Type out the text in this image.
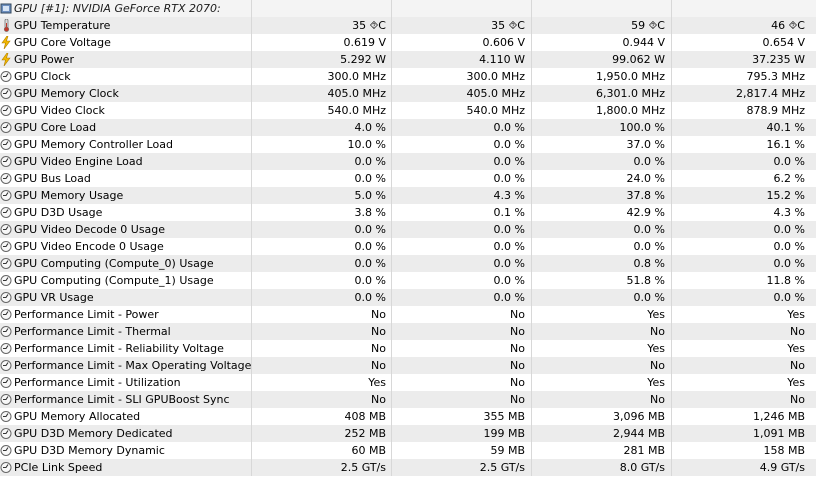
GPU [#1]: NVIDIA GeForce RTX 2070:
GPU Temperature	35 ⯑C	35 ⯑C	59 ⯑C	46 ⯑C
GPU Core Voltage	0.619 V	0.606 V	0.944 V	0.654 V
GPU Power	5.292 W	4.110 W	99.062 W	37.235 W
GPU Clock	300.0 MHz	300.0 MHz	1,950.0 MHz	795.3 MHz
GPU Memory Clock	405.0 MHz	405.0 MHz	6,301.0 MHz	2,817.4 MHz
GPU Video Clock	540.0 MHz	540.0 MHz	1,800.0 MHz	878.9 MHz
GPU Core Load	4.0 %	0.0 %	100.0 %	40.1 %
GPU Memory Controller Load	10.0 %	0.0 %	37.0 %	16.1 %
GPU Video Engine Load	0.0 %	0.0 %	0.0 %	0.0 %
GPU Bus Load	0.0 %	0.0 %	24.0 %	6.2 %
GPU Memory Usage	5.0 %	4.3 %	37.8 %	15.2 %
GPU D3D Usage	3.8 %	0.1 %	42.9 %	4.3 %
GPU Video Decode 0 Usage	0.0 %	0.0 %	0.0 %	0.0 %
GPU Video Encode 0 Usage	0.0 %	0.0 %	0.0 %	0.0 %
GPU Computing (Compute_0) Usage	0.0 %	0.0 %	0.8 %	0.0 %
GPU Computing (Compute_1) Usage	0.0 %	0.0 %	51.8 %	11.8 %
GPU VR Usage	0.0 %	0.0 %	0.0 %	0.0 %
Performance Limit - Power	No	No	Yes	Yes
Performance Limit - Thermal	No	No	No	No
Performance Limit - Reliability Voltage	No	No	Yes	Yes
Performance Limit - Max Operating Voltage	No	No	No	No
Performance Limit - Utilization	Yes	No	Yes	Yes
Performance Limit - SLI GPUBoost Sync	No	No	No	No
GPU Memory Allocated	408 MB	355 MB	3,096 MB	1,246 MB
GPU D3D Memory Dedicated	252 MB	199 MB	2,944 MB	1,091 MB
GPU D3D Memory Dynamic	60 MB	59 MB	281 MB	158 MB
PCIe Link Speed	2.5 GT/s	2.5 GT/s	8.0 GT/s	4.9 GT/s
